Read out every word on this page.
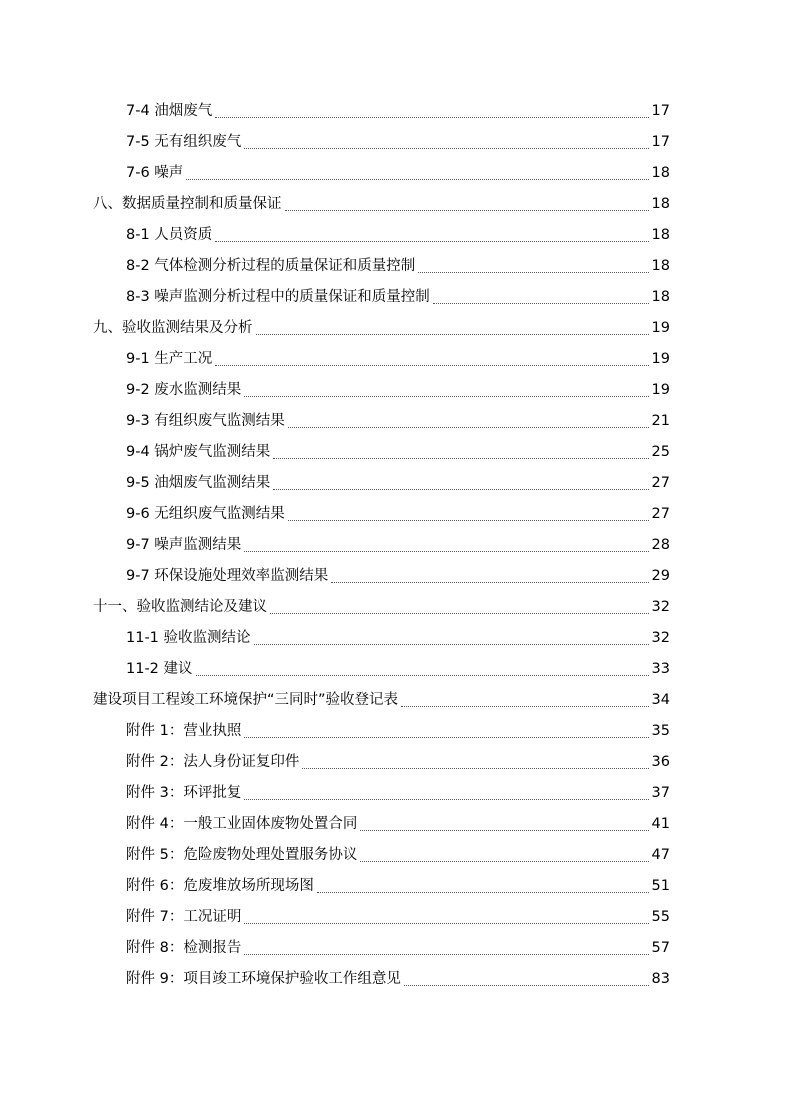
7-4 油烟废气	17
7-5 无有组织废气	17
7-6 噪声	18
八、数据质量控制和质量保证	18
8-1 人员资质	18
8-2 气体检测分析过程的质量保证和质量控制	18
8-3 噪声监测分析过程中的质量保证和质量控制	18
九、验收监测结果及分析	19
9-1 生产工况	19
9-2 废水监测结果	19
9-3 有组织废气监测结果	21
9-4 锅炉废气监测结果	25
9-5 油烟废气监测结果	27
9-6 无组织废气监测结果	27
9-7 噪声监测结果	28
9-7 环保设施处理效率监测结果	29
十一、验收监测结论及建议	32
11-1 验收监测结论	32
11-2 建议	33
建设项目工程竣工环境保护“三同时”验收登记表	34
附件 1：营业执照	35
附件 2：法人身份证复印件	36
附件 3：环评批复	37
附件 4：一般工业固体废物处置合同	41
附件 5：危险废物处理处置服务协议	47
附件 6：危废堆放场所现场图	51
附件 7：工况证明	55
附件 8：检测报告	57
附件 9：项目竣工环境保护验收工作组意见	83
